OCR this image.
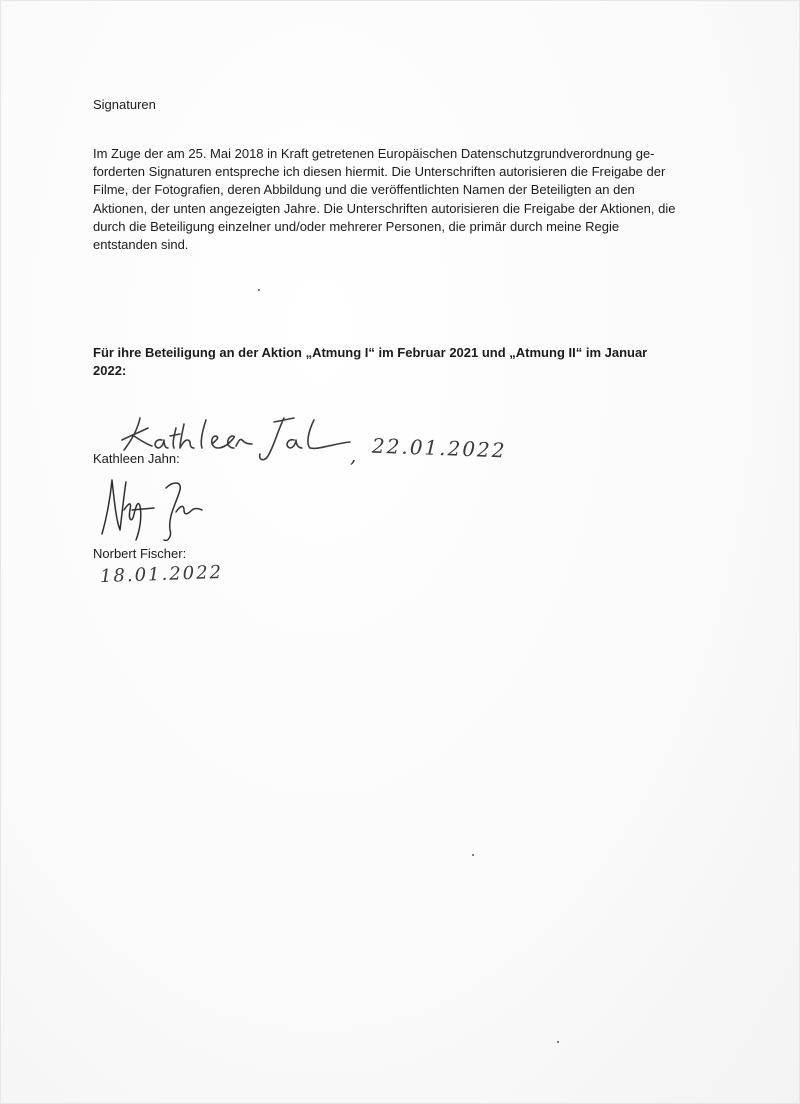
Signaturen

Im Zuge der am 25. Mai 2018 in Kraft getretenen Europäischen Datenschutzgrundverordnung ge-
forderten Signaturen entspreche ich diesen hiermit. Die Unterschriften autorisieren die Freigabe der
Filme, der Fotografien, deren Abbildung und die veröffentlichten Namen der Beteiligten an den
Aktionen, der unten angezeigten Jahre. Die Unterschriften autorisieren die Freigabe der Aktionen, die
durch die Beteiligung einzelner und/oder mehrerer Personen, die primär durch meine Regie
entstanden sind.

Für ihre Beteiligung an der Aktion „Atmung I“ im Februar 2021 und „Atmung II“ im Januar
2022:

, 22.01.2022

Kathleen Jahn:

Norbert Fischer:

18.01.2022
